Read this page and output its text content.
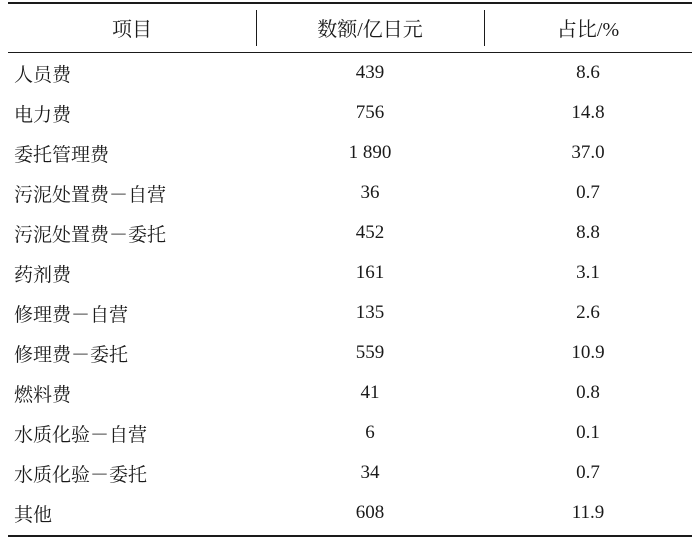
项目	数额/亿日元	占比/%
人员费	439	8.6
电力费	756	14.8
委托管理费	1 890	37.0
污泥处置费－自营	36	0.7
污泥处置费－委托	452	8.8
药剂费	161	3.1
修理费－自营	135	2.6
修理费－委托	559	10.9
燃料费	41	0.8
水质化验－自营	6	0.1
水质化验－委托	34	0.7
其他	608	11.9
